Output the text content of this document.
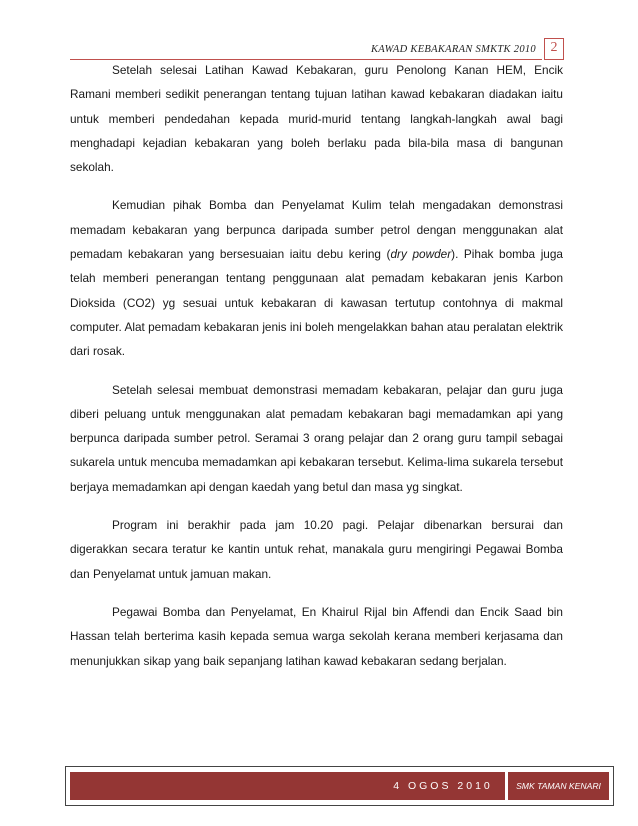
KAWAD KEBAKARAN SMKTK 2010	2

Setelah selesai Latihan Kawad Kebakaran, guru Penolong Kanan HEM, Encik Ramani memberi sedikit penerangan tentang tujuan latihan kawad kebakaran diadakan iaitu untuk memberi pendedahan kepada murid-murid tentang langkah-langkah awal bagi menghadapi kejadian kebakaran yang boleh berlaku pada bila-bila masa di bangunan sekolah.

Kemudian pihak Bomba dan Penyelamat Kulim telah mengadakan demonstrasi memadam kebakaran yang berpunca daripada sumber petrol dengan menggunakan alat pemadam kebakaran yang bersesuaian iaitu debu kering (dry powder). Pihak bomba juga telah memberi penerangan tentang penggunaan alat pemadam kebakaran jenis Karbon Dioksida (CO2) yg sesuai untuk kebakaran di kawasan tertutup contohnya di makmal computer. Alat pemadam kebakaran jenis ini boleh mengelakkan bahan atau peralatan elektrik dari rosak.

Setelah selesai membuat demonstrasi memadam kebakaran, pelajar dan guru juga diberi peluang untuk menggunakan alat pemadam kebakaran bagi memadamkan api yang berpunca daripada sumber petrol. Seramai 3 orang pelajar dan 2 orang guru tampil sebagai sukarela untuk mencuba memadamkan api kebakaran tersebut. Kelima-lima sukarela tersebut berjaya memadamkan api dengan kaedah yang betul dan masa yg singkat.

Program ini berakhir pada jam 10.20 pagi. Pelajar dibenarkan bersurai dan digerakkan secara teratur ke kantin untuk rehat, manakala guru mengiringi Pegawai Bomba dan Penyelamat untuk jamuan makan.

Pegawai Bomba dan Penyelamat, En Khairul Rijal bin Affendi dan Encik Saad bin Hassan telah berterima kasih kepada semua warga sekolah kerana memberi kerjasama dan menunjukkan sikap yang baik sepanjang latihan kawad kebakaran sedang berjalan.

4 OGOS 2010	SMK TAMAN KENARI
